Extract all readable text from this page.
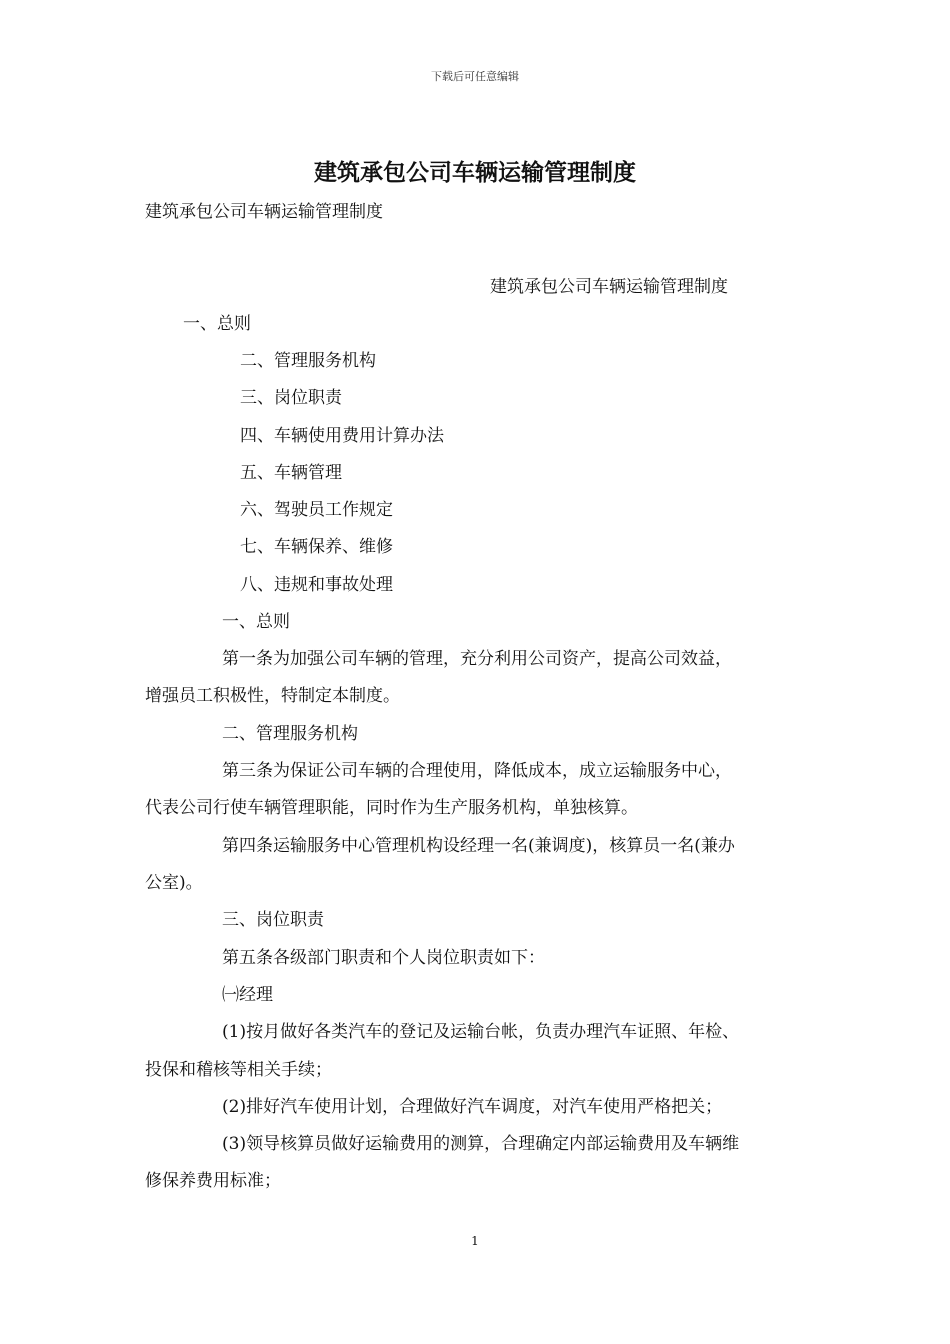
下载后可任意编辑
建筑承包公司车辆运输管理制度
建筑承包公司车辆运输管理制度
建筑承包公司车辆运输管理制度
一、总则
二、管理服务机构
三、岗位职责
四、车辆使用费用计算办法
五、车辆管理
六、驾驶员工作规定
七、车辆保养、维修
八、违规和事故处理
一、总则
第一条为加强公司车辆的管理，充分利用公司资产，提高公司效益，
增强员工积极性，特制定本制度。
二、管理服务机构
第三条为保证公司车辆的合理使用，降低成本，成立运输服务中心，
代表公司行使车辆管理职能，同时作为生产服务机构，单独核算。
第四条运输服务中心管理机构设经理一名(兼调度)，核算员一名(兼办
公室)。
三、岗位职责
第五条各级部门职责和个人岗位职责如下：
㈠经理
(1)按月做好各类汽车的登记及运输台帐，负责办理汽车证照、年检、
投保和稽核等相关手续；
(2)排好汽车使用计划，合理做好汽车调度，对汽车使用严格把关；
(3)领导核算员做好运输费用的测算，合理确定内部运输费用及车辆维
修保养费用标准；
1
